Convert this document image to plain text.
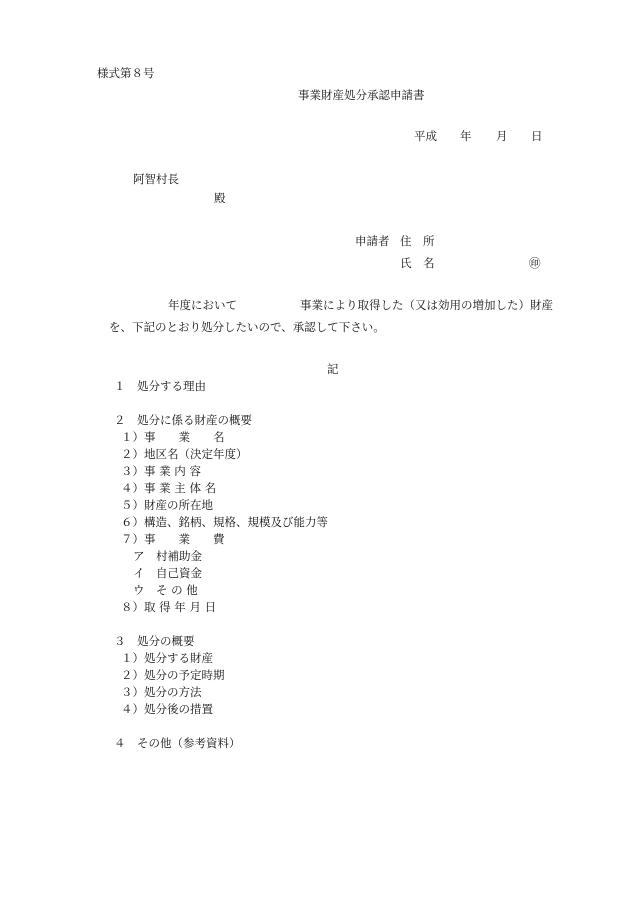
様式第８号
事業財産処分承認申請書
平成 年 月 日
阿智村長
殿
申請者 住　所
氏　名	㊞
年度において	事業により取得した（又は効用の増加した）財産
を、下記のとおり処分したいので、承認して下さい。
記
１　処分する理由
２　処分に係る財産の概要
１）事　　業　　名
２）地区名（決定年度）
３）事 業 内 容
４）事 業 主 体 名
５）財産の所在地
６）構造、銘柄、規格、規模及び能力等
７）事　　業　　費
ア　村補助金
イ　自己資金
ウ　そ の 他
８）取 得 年 月 日
３　処分の概要
１）処分する財産
２）処分の予定時期
３）処分の方法
４）処分後の措置
４　その他（参考資料）
